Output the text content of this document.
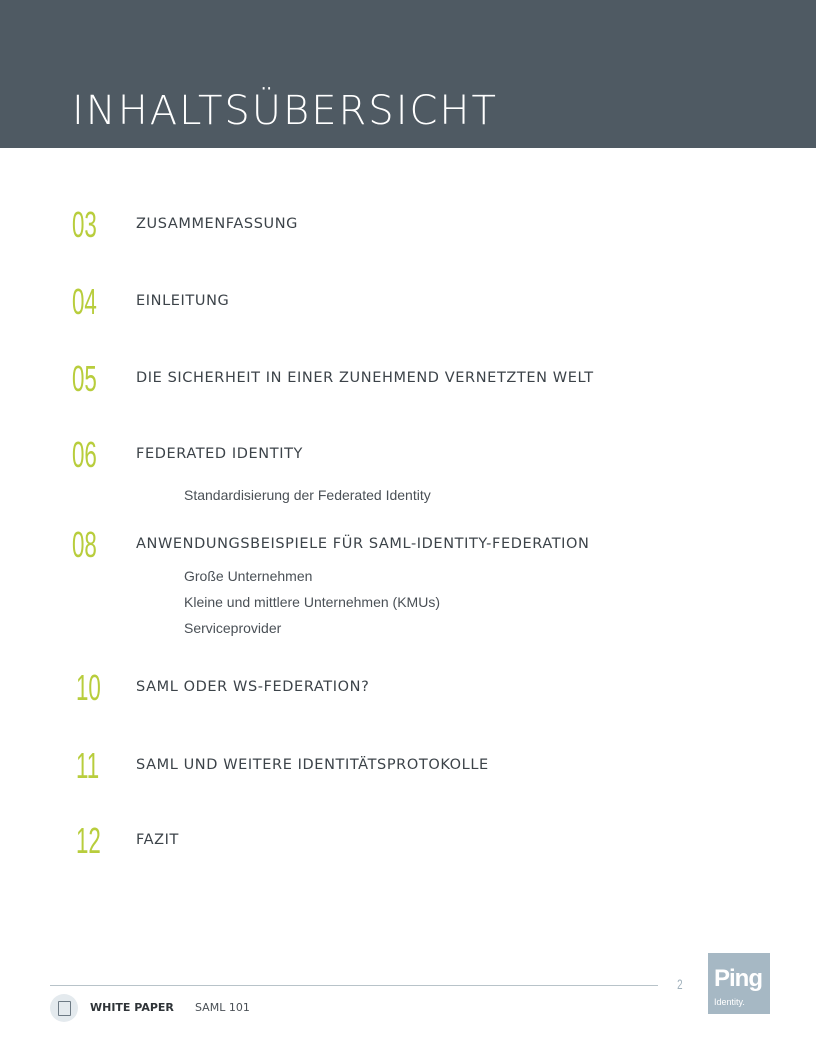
INHALTSÜBERSICHT
03	ZUSAMMENFASSUNG
04	EINLEITUNG
05	DIE SICHERHEIT IN EINER ZUNEHMEND VERNETZTEN WELT
06	FEDERATED IDENTITY
Standardisierung der Federated Identity
08	ANWENDUNGSBEISPIELE FÜR SAML-IDENTITY-FEDERATION
Große Unternehmen
Kleine und mittlere Unternehmen (KMUs)
Serviceprovider
10 SAML ODER WS-FEDERATION?
11	SAML UND WEITERE IDENTITÄTSPROTOKOLLE
12 FAZIT
2 Ping
Identity.
WHITE PAPER SAML 101
